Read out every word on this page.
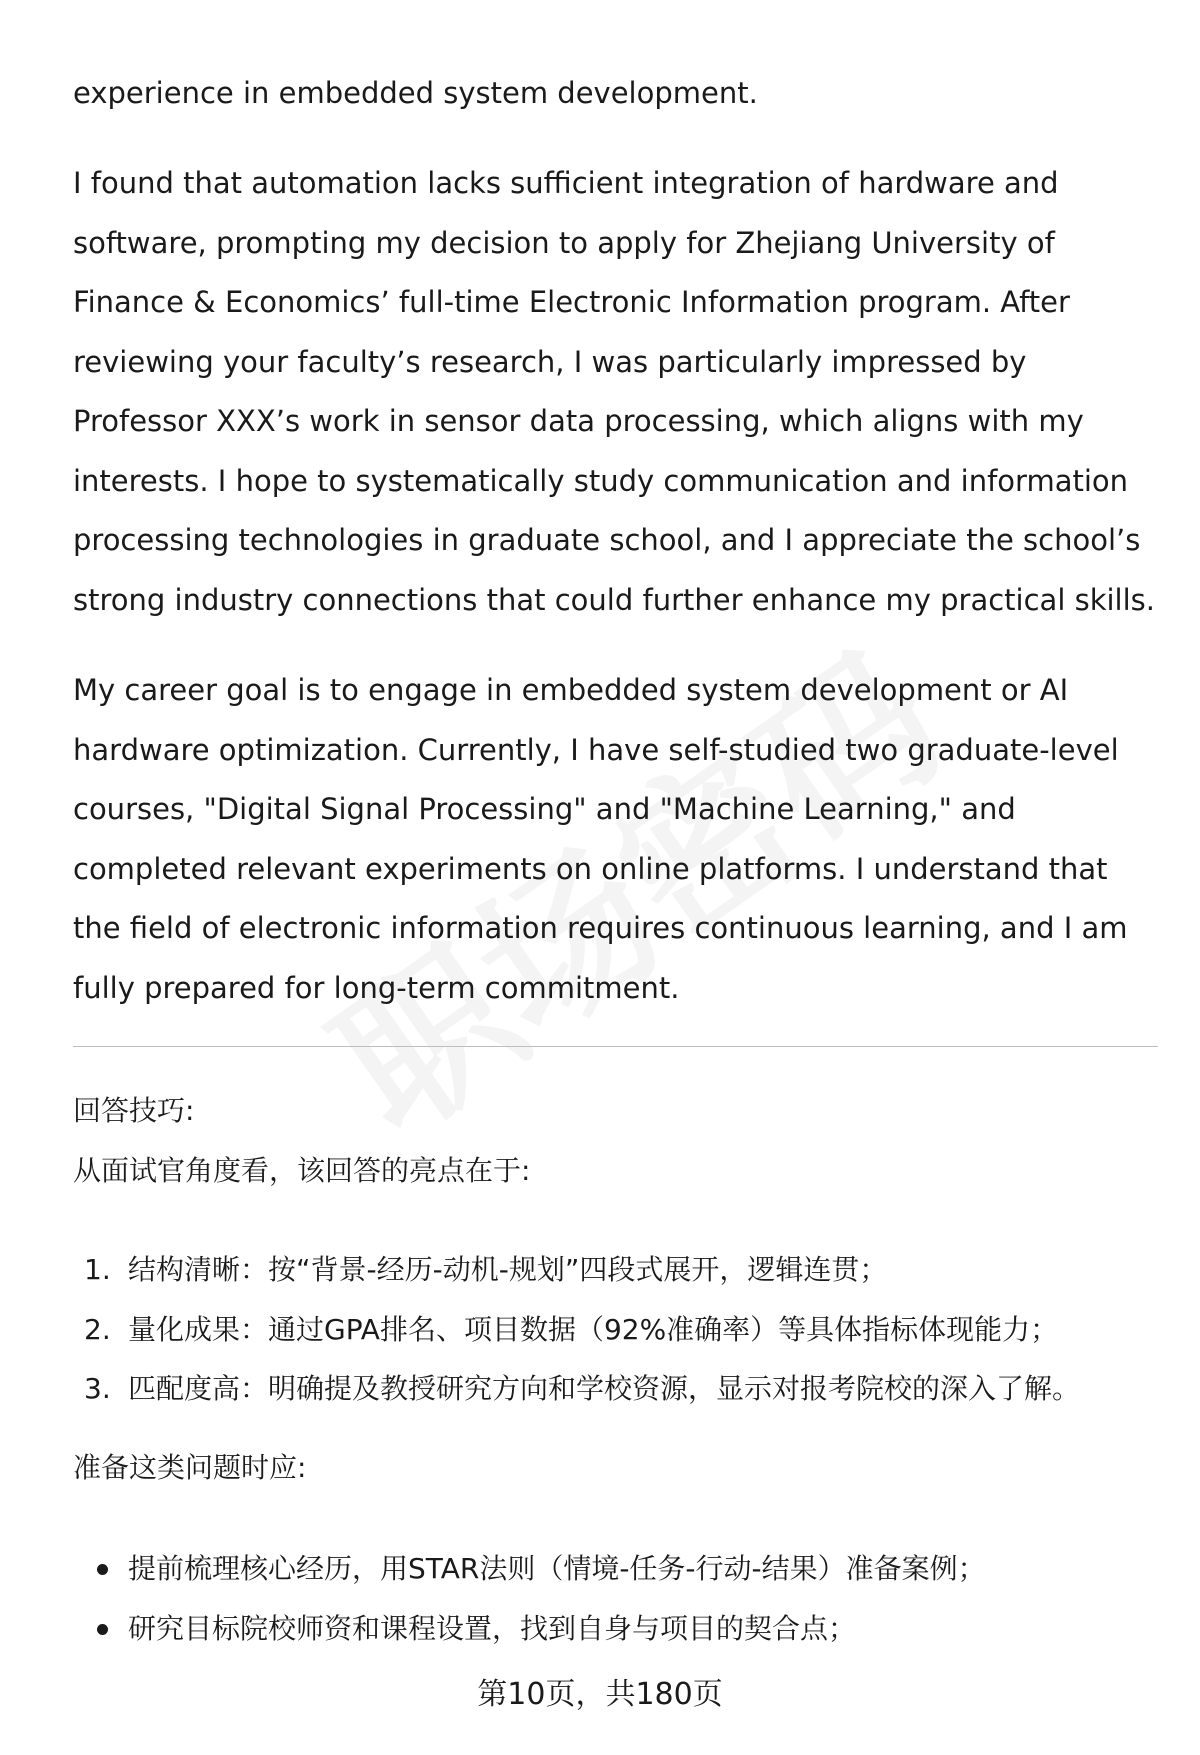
experience in embedded system development.

I found that automation lacks sufficient integration of hardware and software, prompting my decision to apply for Zhejiang University of Finance & Economics’ full-time Electronic Information program. After reviewing your faculty’s research, I was particularly impressed by Professor XXX’s work in sensor data processing, which aligns with my interests. I hope to systematically study communication and information processing technologies in graduate school, and I appreciate the school’s strong industry connections that could further enhance my practical skills.

My career goal is to engage in embedded system development or AI hardware optimization. Currently, I have self-studied two graduate-level courses, "Digital Signal Processing" and "Machine Learning," and completed relevant experiments on online platforms. I understand that the field of electronic information requires continuous learning, and I am fully prepared for long-term commitment.

回答技巧:

从面试官角度看，该回答的亮点在于:

1. 结构清晰：按“背景-经历-动机-规划”四段式展开，逻辑连贯；
2. 量化成果：通过GPA排名、项目数据（92%准确率）等具体指标体现能力；
3. 匹配度高：明确提及教授研究方向和学校资源，显示对报考院校的深入了解。

准备这类问题时应:

提前梳理核心经历，用STAR法则（情境-任务-行动-结果）准备案例；
研究目标院校师资和课程设置，找到自身与项目的契合点；
第10页，共180页
